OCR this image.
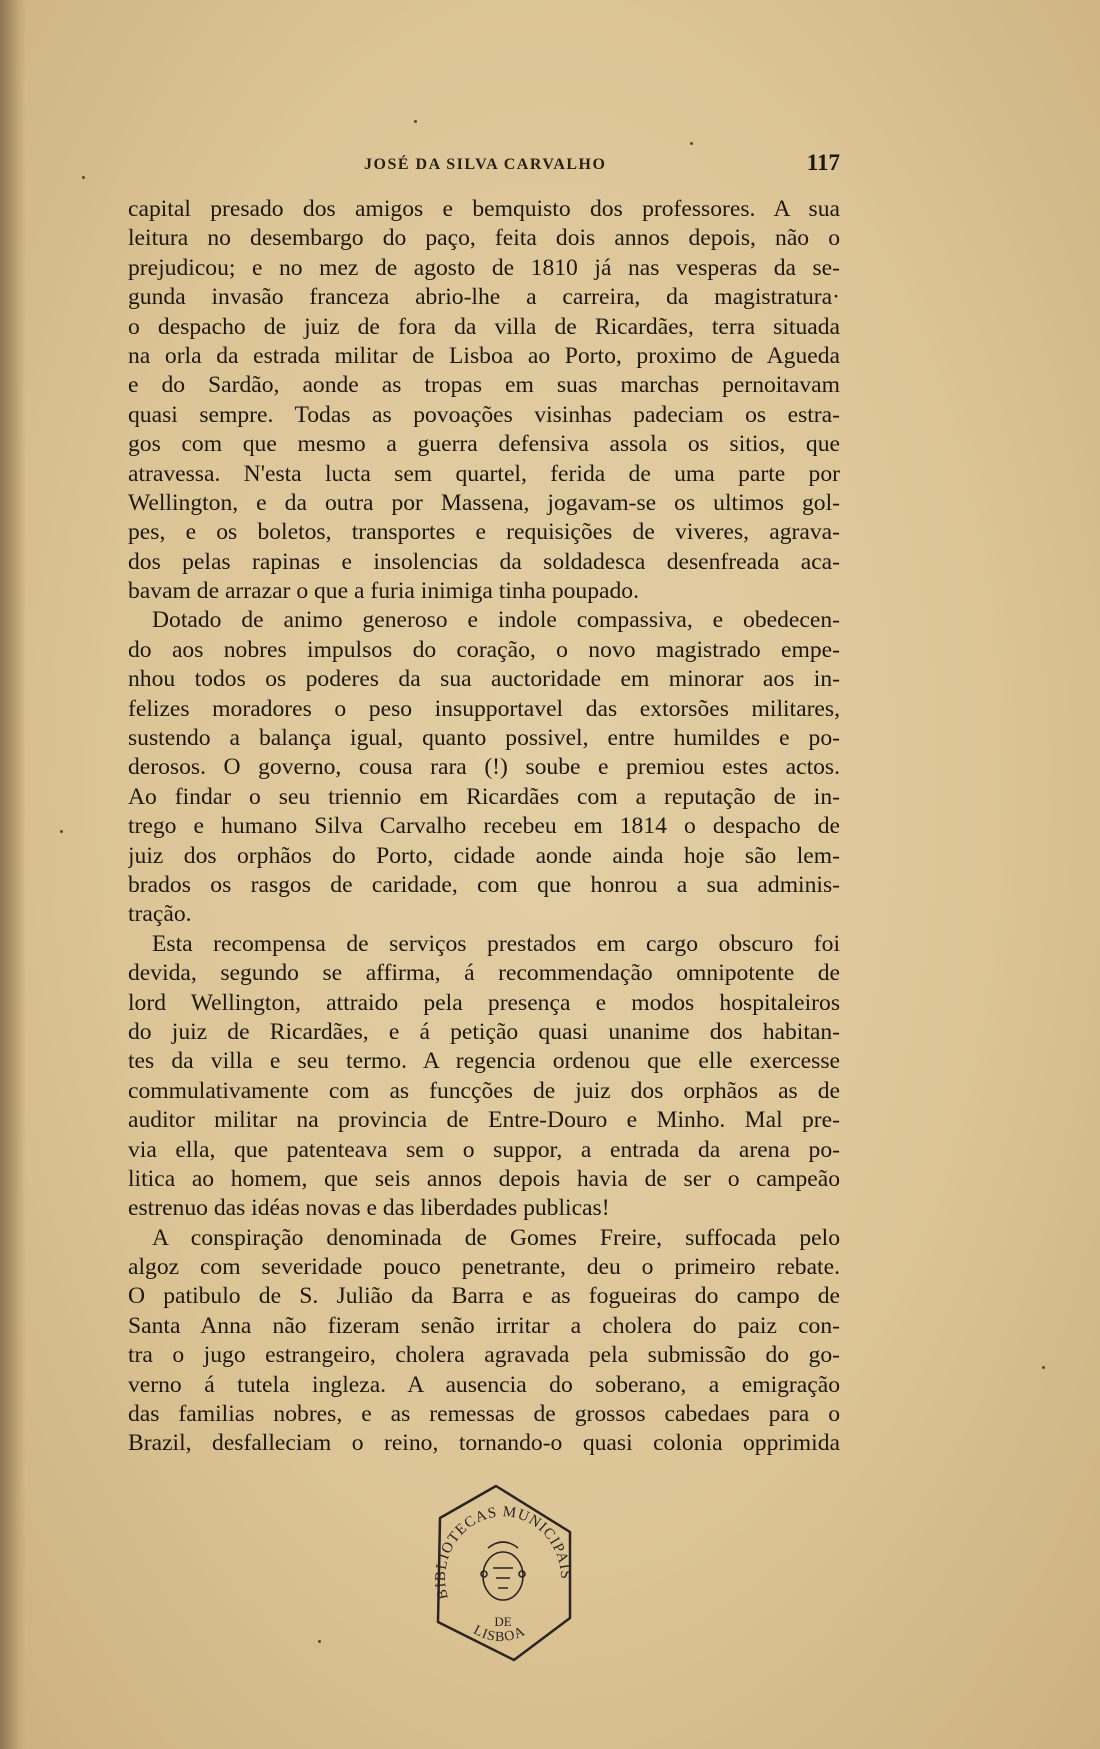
JOSÉ DA SILVA CARVALHO	117
capital presado dos amigos e bemquisto dos professores. A sua
leitura no desembargo do paço, feita dois annos depois, não o
prejudicou; e no mez de agosto de 1810 já nas vesperas da se-
gunda invasão franceza abrio-lhe a carreira, da magistratura·
o despacho de juiz de fora da villa de Ricardães, terra situada
na orla da estrada militar de Lisboa ao Porto, proximo de Agueda
e do Sardão, aonde as tropas em suas marchas pernoitavam
quasi sempre. Todas as povoações visinhas padeciam os estra-
gos com que mesmo a guerra defensiva assola os sitios, que
atravessa. N'esta lucta sem quartel, ferida de uma parte por
Wellington, e da outra por Massena, jogavam-se os ultimos gol-
pes, e os boletos, transportes e requisições de viveres, agrava-
dos pelas rapinas e insolencias da soldadesca desenfreada aca-
bavam de arrazar o que a furia inimiga tinha poupado.
Dotado de animo generoso e indole compassiva, e obedecen-
do aos nobres impulsos do coração, o novo magistrado empe-
nhou todos os poderes da sua auctoridade em minorar aos in-
felizes moradores o peso insupportavel das extorsões militares,
sustendo a balança igual, quanto possivel, entre humildes e po-
derosos. O governo, cousa rara (!) soube e premiou estes actos.
Ao findar o seu triennio em Ricardães com a reputação de in-
trego e humano Silva Carvalho recebeu em 1814 o despacho de
juiz dos orphãos do Porto, cidade aonde ainda hoje são lem-
brados os rasgos de caridade, com que honrou a sua adminis-
tração.
Esta recompensa de serviços prestados em cargo obscuro foi
devida, segundo se affirma, á recommendação omnipotente de
lord Wellington, attraido pela presença e modos hospitaleiros
do juiz de Ricardães, e á petição quasi unanime dos habitan-
tes da villa e seu termo. A regencia ordenou que elle exercesse
commulativamente com as funcções de juiz dos orphãos as de
auditor militar na provincia de Entre-Douro e Minho. Mal pre-
via ella, que patenteava sem o suppor, a entrada da arena po-
litica ao homem, que seis annos depois havia de ser o campeão
estrenuo das idéas novas e das liberdades publicas!
A conspiração denominada de Gomes Freire, suffocada pelo
algoz com severidade pouco penetrante, deu o primeiro rebate.
O patibulo de S. Julião da Barra e as fogueiras do campo de
Santa Anna não fizeram senão irritar a cholera do paiz con-
tra o jugo estrangeiro, cholera agravada pela submissão do go-
verno á tutela ingleza. A ausencia do soberano, a emigração
das familias nobres, e as remessas de grossos cabedaes para o
Brazil, desfalleciam o reino, tornando-o quasi colonia opprimida
BIBLIOTECAS MUNICIPAIS
DE
LISBOA
